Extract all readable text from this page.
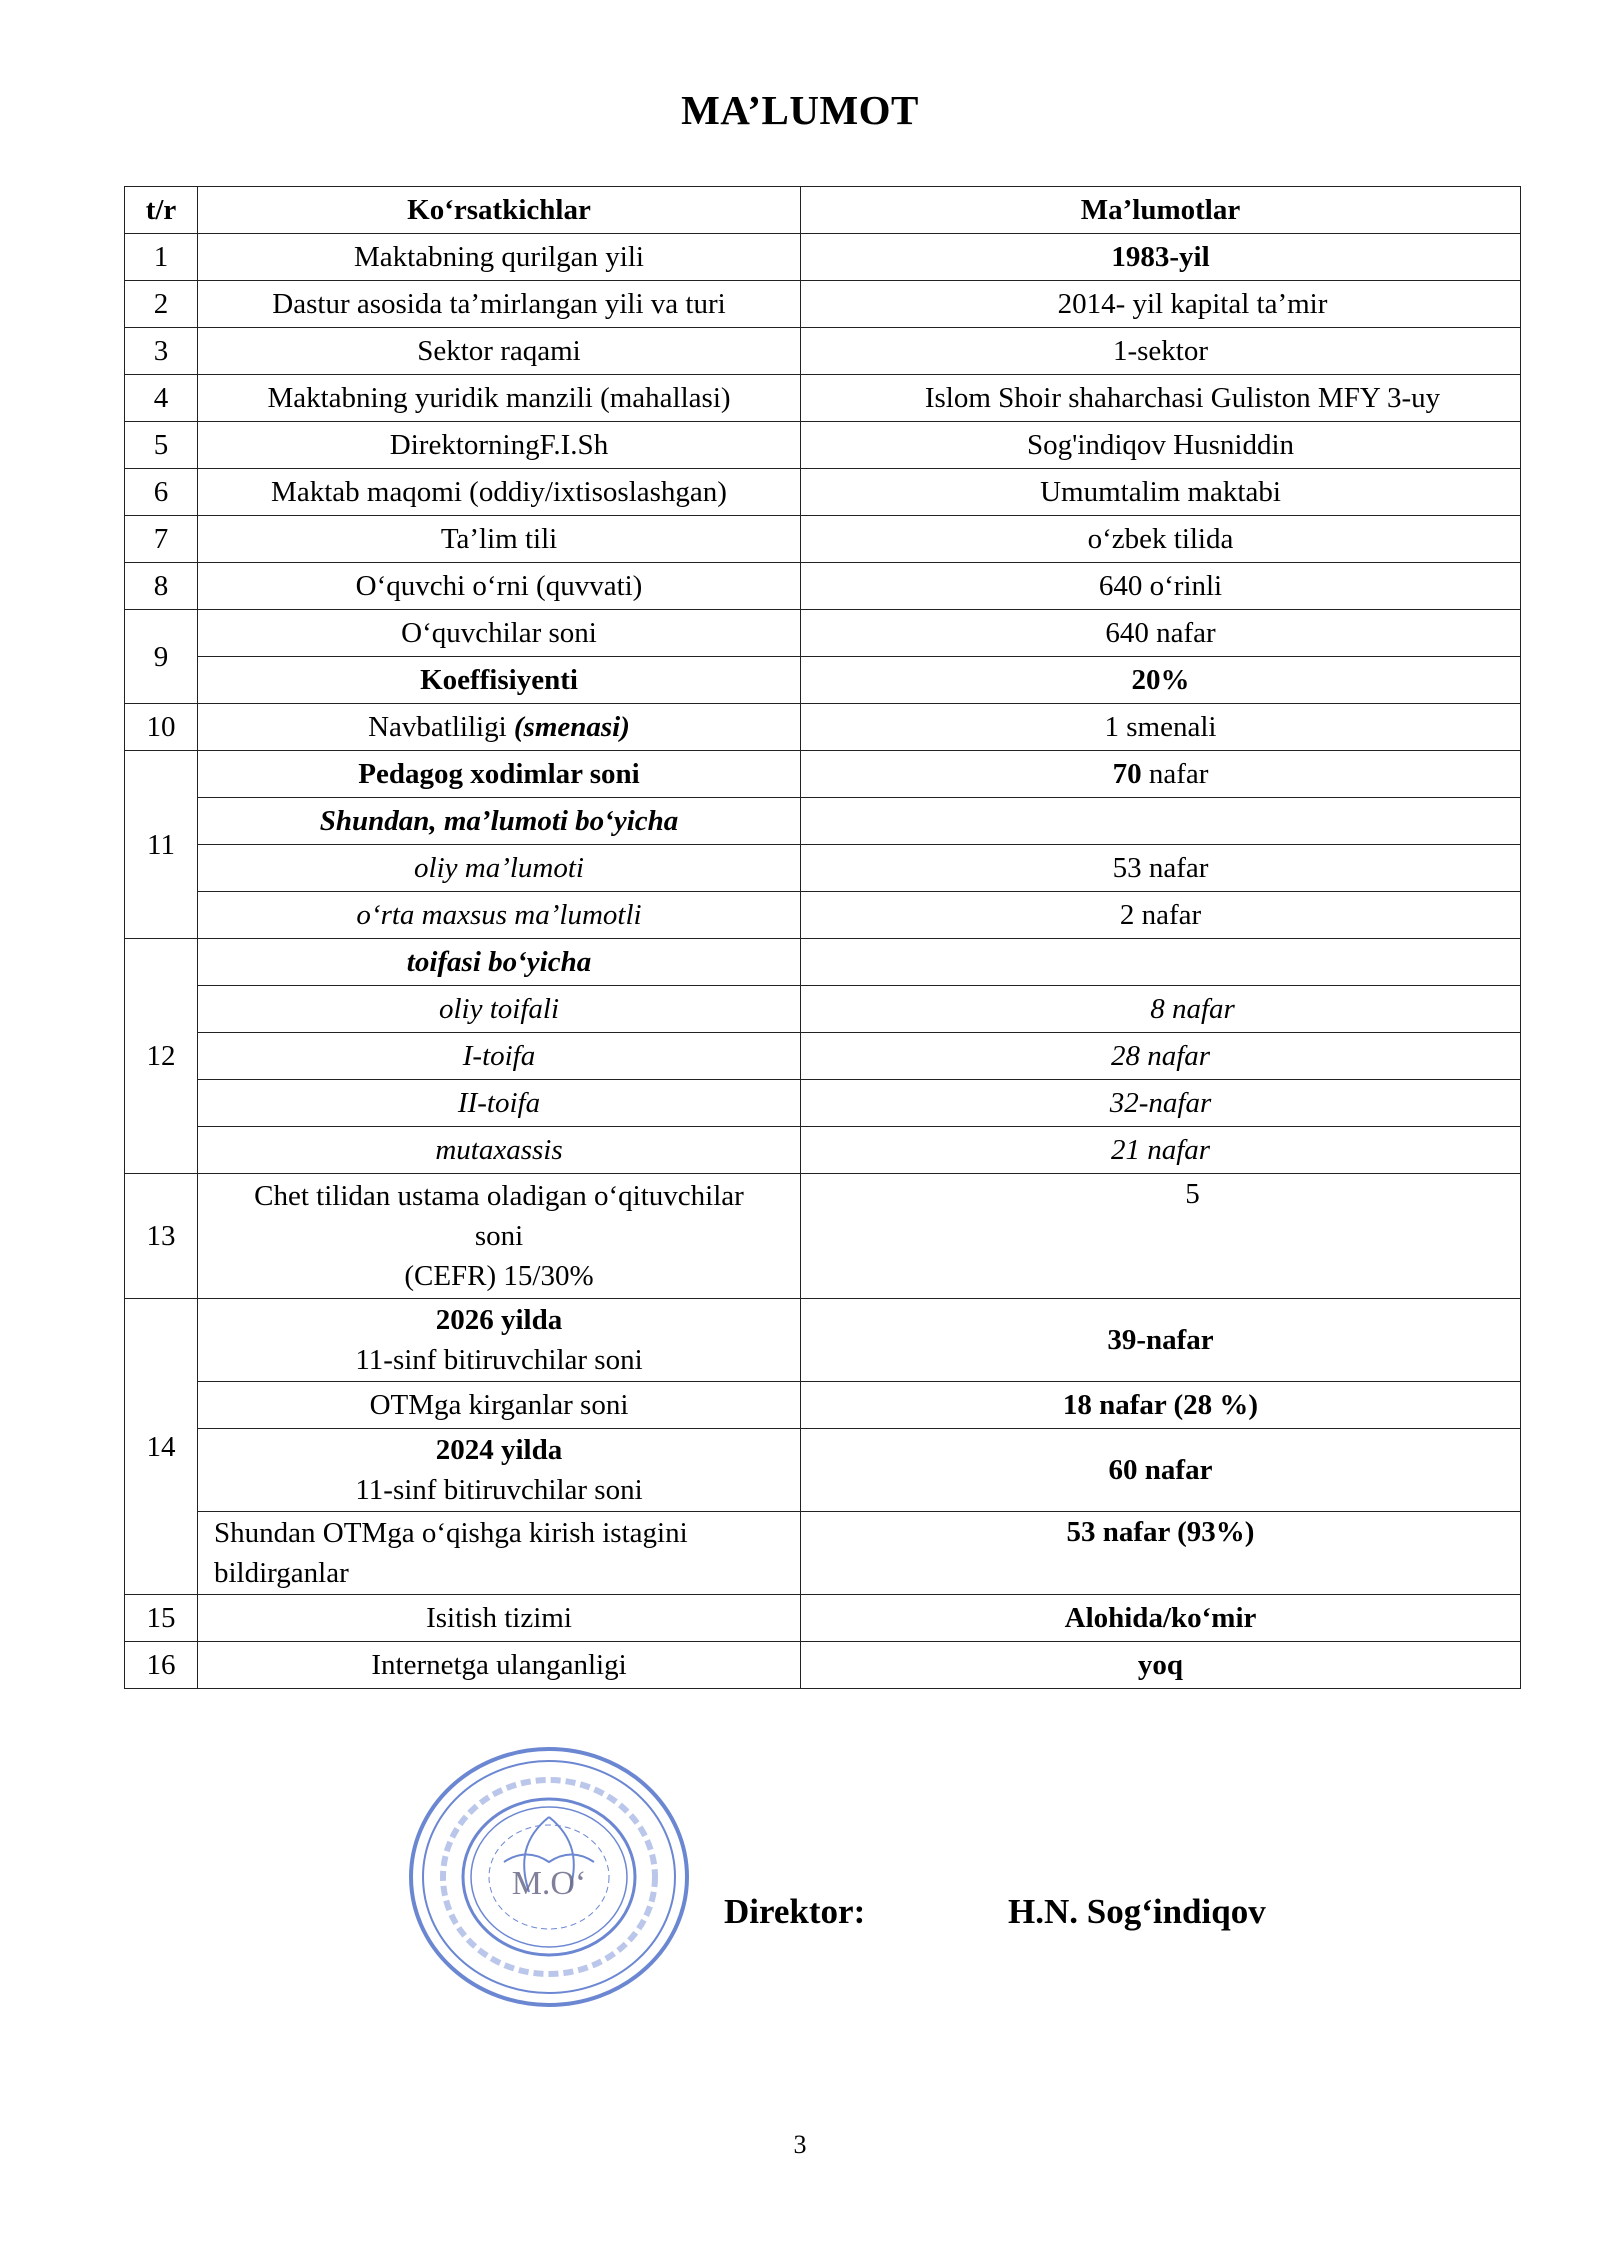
MA’LUMOT
t/r	Ko‘rsatkichlar	Ma’lumotlar
1	Maktabning qurilgan yili	1983-yil
2	Dastur asosida ta’mirlangan yili va turi	2014- yil kapital ta’mir
3	Sektor raqami	1-sektor
4	Maktabning yuridik manzili (mahallasi)	Islom Shoir shaharchasi Guliston MFY 3-uy
5	DirektorningF.I.Sh	Sog'indiqov Husniddin
6	Maktab maqomi (oddiy/ixtisoslashgan)	Umumtalim maktabi
7	Ta’lim tili	o‘zbek tilida
8	O‘quvchi o‘rni (quvvati)	640 o‘rinli
9	O‘quvchilar soni	640 nafar
	Koeffisiyenti	20%
10	Navbatliligi (smenasi)	1 smenali
11	Pedagog xodimlar soni	70 nafar
	Shundan, ma’lumoti bo‘yicha	
	oliy ma’lumoti	53 nafar
	o‘rta maxsus ma’lumotli	2 nafar
12	toifasi bo‘yicha	
	oliy toifali	8 nafar
	I-toifa	28 nafar
	II-toifa	32-nafar
	mutaxassis	21 nafar
13	Chet tilidan ustama oladigan o‘qituvchilar
soni
(CEFR) 15/30%	5
14	2026 yilda
11-sinf bitiruvchilar soni	39-nafar
	OTMga kirganlar soni	18 nafar (28 %)

	2024 yilda
11-sinf bitiruvchilar soni	60 nafar

	Shundan OTMga o‘qishga kirish istagini
bildirganlar	53 nafar (93%)
15	Isitish tizimi	Alohida/ko‘mir
16	Internetga ulanganligi	yoq
M.O‘
Direktor:	H.N. Sog‘indiqov
3
